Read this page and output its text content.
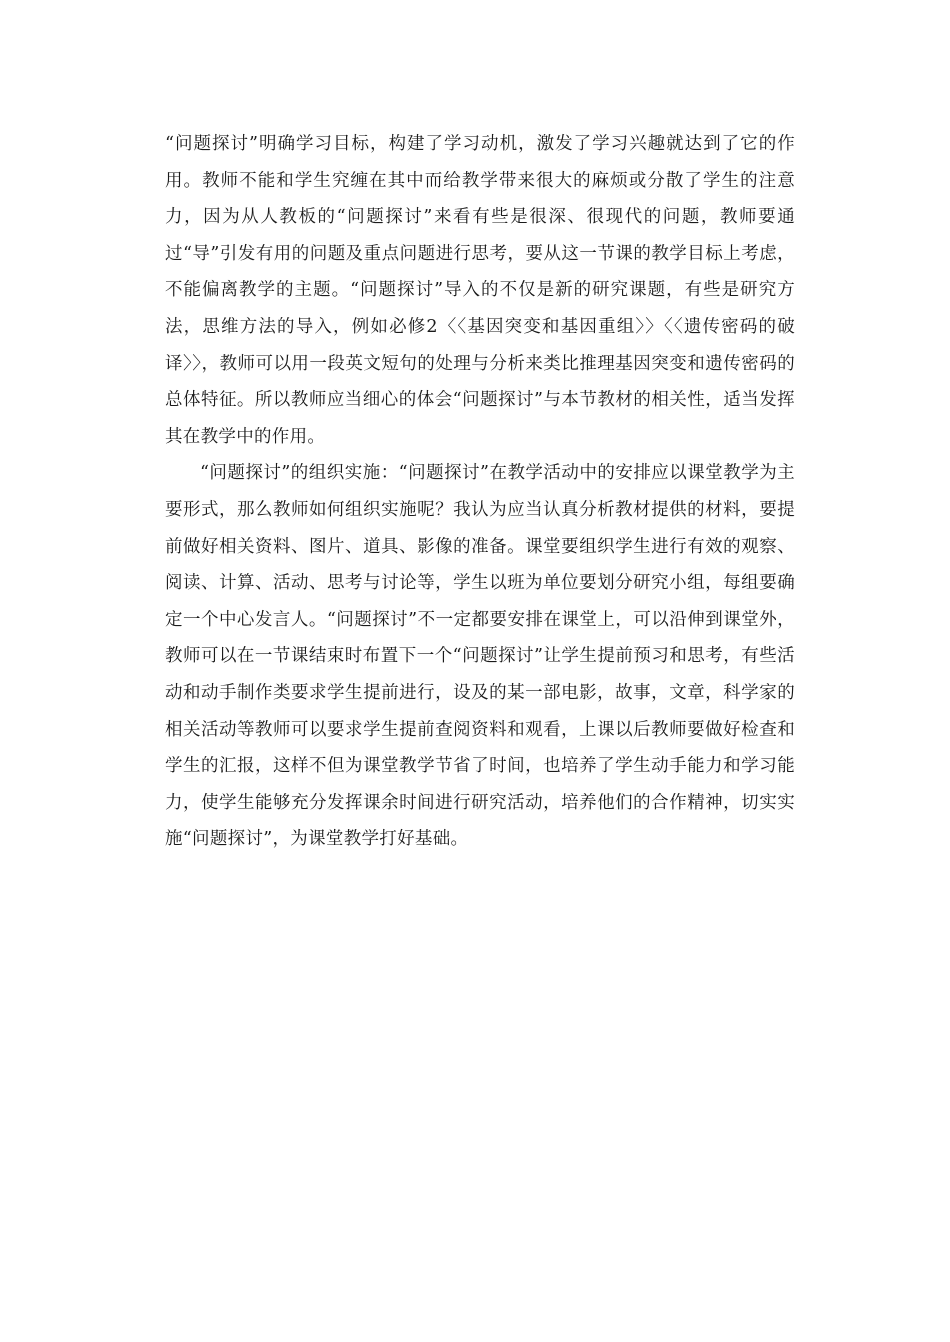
“问题探讨”明确学习目标，构建了学习动机，激发了学习兴趣就达到了它的作用。教师不能和学生究缠在其中而给教学带来很大的麻烦或分散了学生的注意力，因为从人教板的“问题探讨”来看有些是很深、很现代的问题，教师要通过“导”引发有用的问题及重点问题进行思考，要从这一节课的教学目标上考虑，不能偏离教学的主题。“问题探讨”导入的不仅是新的研究课题，有些是研究方法，思维方法的导入，例如必修2〈〈基因突变和基因重组〉〉〈〈遗传密码的破译〉〉，教师可以用一段英文短句的处理与分析来类比推理基因突变和遗传密码的总体特征。所以教师应当细心的体会“问题探讨”与本节教材的相关性，适当发挥其在教学中的作用。

“问题探讨”的组织实施：“问题探讨”在教学活动中的安排应以课堂教学为主要形式，那么教师如何组织实施呢？我认为应当认真分析教材提供的材料，要提前做好相关资料、图片、道具、影像的准备。课堂要组织学生进行有效的观察、阅读、计算、活动、思考与讨论等，学生以班为单位要划分研究小组，每组要确定一个中心发言人。“问题探讨”不一定都要安排在课堂上，可以沿伸到课堂外，教师可以在一节课结束时布置下一个“问题探讨”让学生提前预习和思考，有些活动和动手制作类要求学生提前进行，设及的某一部电影，故事，文章，科学家的相关活动等教师可以要求学生提前查阅资料和观看，上课以后教师要做好检查和学生的汇报，这样不但为课堂教学节省了时间，也培养了学生动手能力和学习能力，使学生能够充分发挥课余时间进行研究活动，培养他们的合作精神，切实实施“问题探讨”，为课堂教学打好基础。
